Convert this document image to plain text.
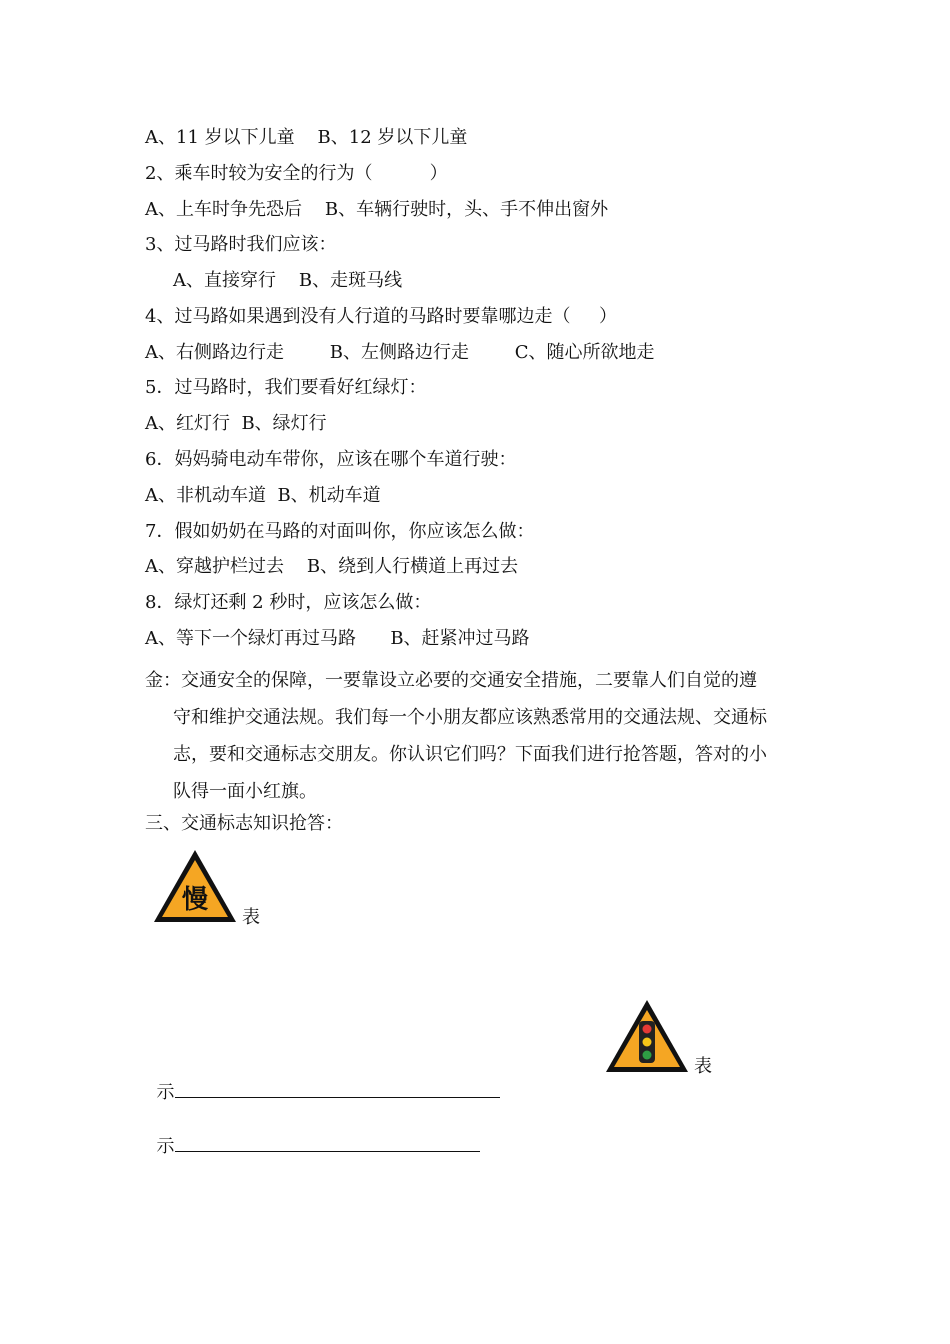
A、11 岁以下儿童    B、12 岁以下儿童
2、乘车时较为安全的行为（          ）
A、上车时争先恐后    B、车辆行驶时，头、手不伸出窗外
3、过马路时我们应该：
A、直接穿行    B、走斑马线
4、过马路如果遇到没有人行道的马路时要靠哪边走（     ）
A、右侧路边行走        B、左侧路边行走        C、随心所欲地走
5．过马路时，我们要看好红绿灯：
A、红灯行  B、绿灯行
6．妈妈骑电动车带你，应该在哪个车道行驶：
A、非机动车道  B、机动车道
7．假如奶奶在马路的对面叫你，你应该怎么做：
A、穿越护栏过去    B、绕到人行横道上再过去
8．绿灯还剩 2 秒时，应该怎么做：
A、等下一个绿灯再过马路      B、赶紧冲过马路
金：交通安全的保障，一要靠设立必要的交通安全措施，二要靠人们自觉的遵
守和维护交通法规。我们每一个小朋友都应该熟悉常用的交通法规、交通标
志，要和交通标志交朋友。你认识它们吗？下面我们进行抢答题，答对的小
队得一面小红旗。
三、交通标志知识抢答：
慢
表

示

表

示
